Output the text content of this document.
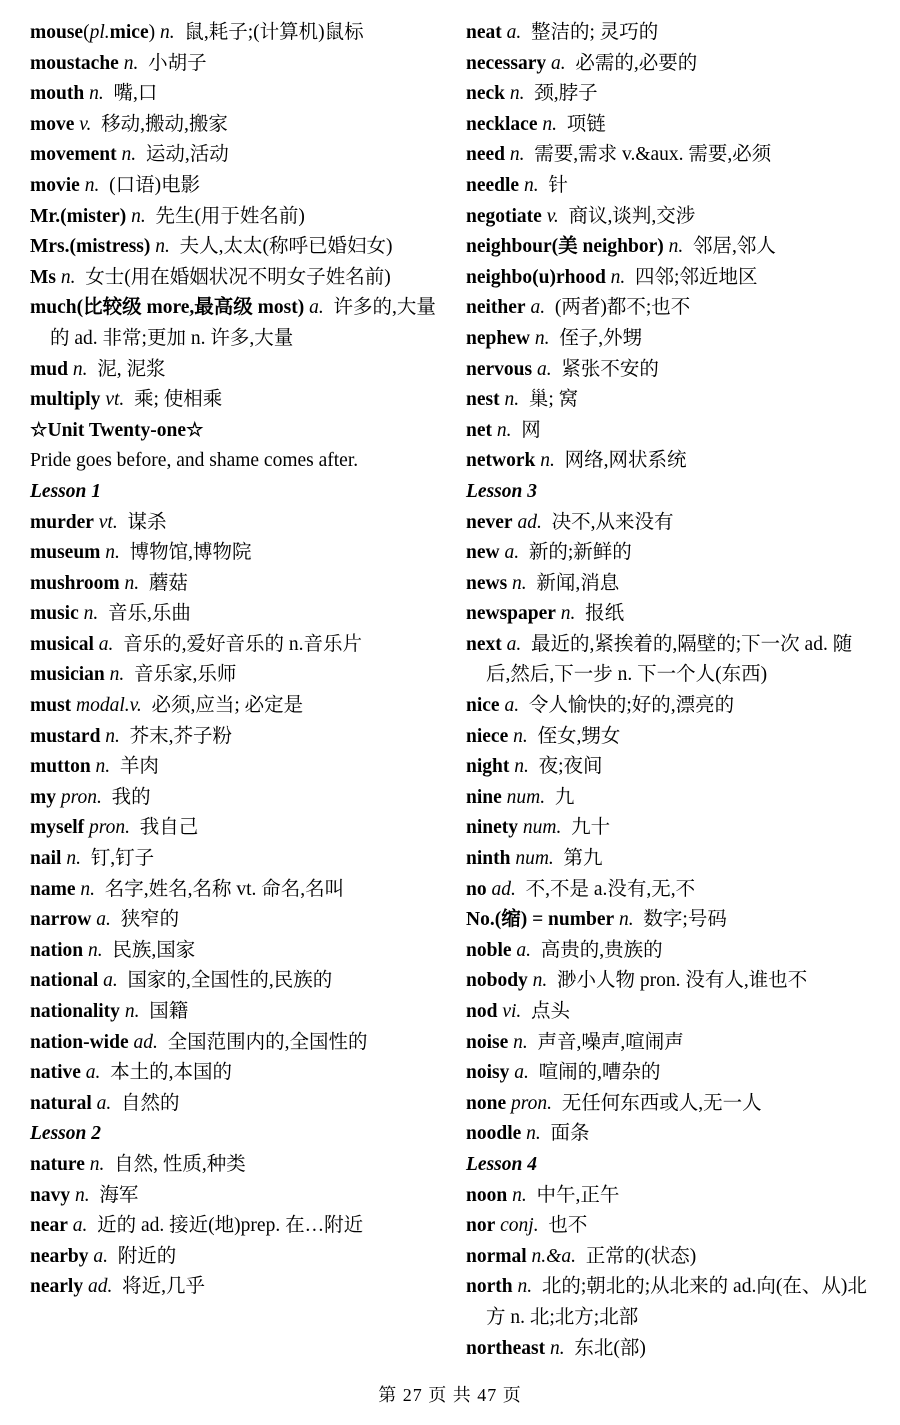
mouse(pl.mice) n. 鼠,耗子;(计算机)鼠标
moustache n. 小胡子
mouth n. 嘴,口
move v. 移动,搬动,搬家
movement n. 运动,活动
movie n. (口语)电影
Mr.(mister) n. 先生(用于姓名前)
Mrs.(mistress) n. 夫人,太太(称呼已婚妇女)
Ms n. 女士(用在婚姻状况不明女子姓名前)
much(比较级 more,最高级 most) a. 许多的,大量的 ad. 非常;更加 n. 许多,大量
mud n. 泥, 泥浆
multiply vt. 乘; 使相乘
☆Unit Twenty-one☆
Pride goes before, and shame comes after.
Lesson 1
murder vt. 谋杀
museum n. 博物馆,博物院
mushroom n. 蘑菇
music n. 音乐,乐曲
musical a. 音乐的,爱好音乐的 n.音乐片
musician n. 音乐家,乐师
must modal.v. 必须,应当; 必定是
mustard n. 芥末,芥子粉
mutton n. 羊肉
my pron. 我的
myself pron. 我自己
nail n. 钉,钉子
name n. 名字,姓名,名称 vt. 命名,名叫
narrow a. 狭窄的
nation n. 民族,国家
national a. 国家的,全国性的,民族的
nationality n. 国籍
nation-wide ad. 全国范围内的,全国性的
native a. 本土的,本国的
natural a. 自然的
Lesson 2
nature n. 自然, 性质,种类
navy n. 海军
near a. 近的 ad. 接近(地)prep. 在…附近
nearby a. 附近的
nearly ad. 将近,几乎
neat a. 整洁的; 灵巧的
necessary a. 必需的,必要的
neck n. 颈,脖子
necklace n. 项链
need n. 需要,需求 v.&aux. 需要,必须
needle n. 针
negotiate v. 商议,谈判,交涉
neighbour(美 neighbor) n. 邻居,邻人
neighbo(u)rhood n. 四邻;邻近地区
neither a. (两者)都不;也不
nephew n. 侄子,外甥
nervous a. 紧张不安的
nest n. 巢; 窝
net n. 网
network n. 网络,网状系统
Lesson 3
never ad. 决不,从来没有
new a. 新的;新鲜的
news n. 新闻,消息
newspaper n. 报纸
next a. 最近的,紧挨着的,隔壁的;下一次 ad. 随后,然后,下一步 n. 下一个人(东西)
nice a. 令人愉快的;好的,漂亮的
niece n. 侄女,甥女
night n. 夜;夜间
nine num. 九
ninety num. 九十
ninth num. 第九
no ad. 不,不是 a.没有,无,不
No.(缩) = number n. 数字;号码
noble a. 高贵的,贵族的
nobody n. 渺小人物 pron. 没有人,谁也不
nod vi. 点头
noise n. 声音,噪声,喧闹声
noisy a. 喧闹的,嘈杂的
none pron. 无任何东西或人,无一人
noodle n. 面条
Lesson 4
noon n. 中午,正午
nor conj. 也不
normal n.&a. 正常的(状态)
north n. 北的;朝北的;从北来的 ad.向(在、从)北方 n. 北;北方;北部
northeast n. 东北(部)
第 27 页 共 47 页
